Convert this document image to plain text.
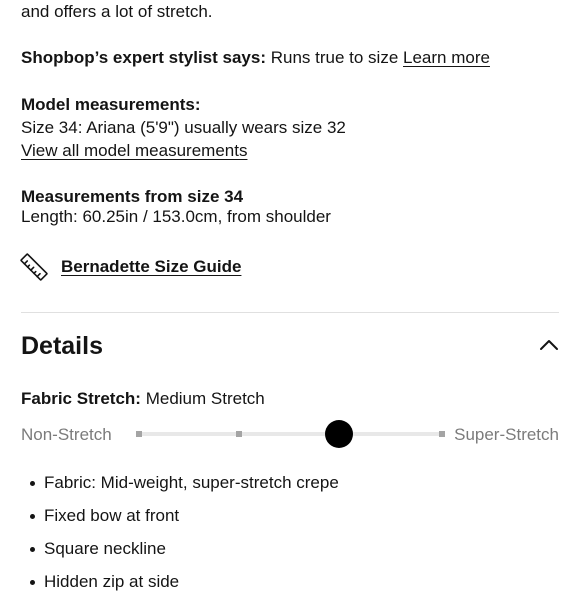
and offers a lot of stretch.
Shopbop’s expert stylist says: Runs true to size Learn more
Model measurements:
Size 34: Ariana (5'9") usually wears size 32
View all model measurements
Measurements from size 34
Length: 60.25in / 153.0cm, from shoulder
Bernadette Size Guide
Details
Fabric Stretch: Medium Stretch
Non-Stretch	Super-Stretch
Fabric: Mid-weight, super-stretch crepe
Fixed bow at front
Square neckline
Hidden zip at side
